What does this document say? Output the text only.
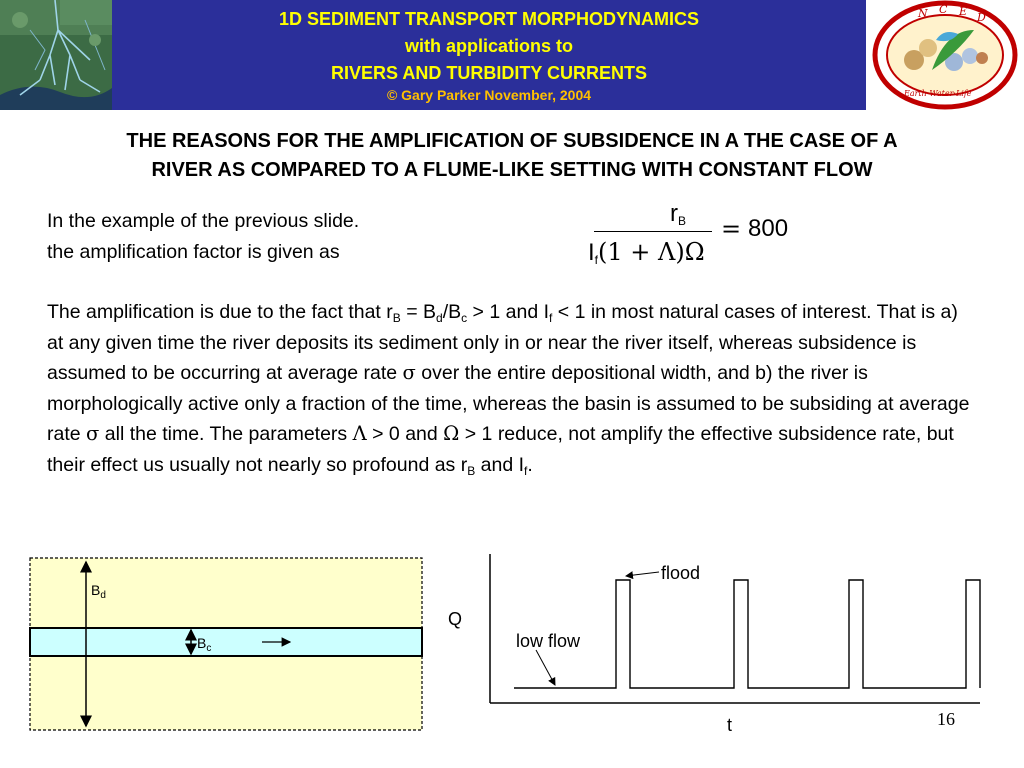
1D SEDIMENT TRANSPORT MORPHODYNAMICS
with applications to
RIVERS AND TURBIDITY CURRENTS
© Gary Parker November, 2004
N C E D
Earth·Water·Life
THE REASONS FOR THE AMPLIFICATION OF SUBSIDENCE IN A THE CASE OF A
RIVER AS COMPARED TO A FLUME-LIKE SETTING WITH CONSTANT FLOW
In the example of the previous slide.
the amplification factor is given as
$r_B$
$I_f(1 + \Lambda)\Omega$
= 800
The amplification is due to the fact that $r_B = B_d/B_c > 1$ and $I_f < 1$ in most natural cases of interest. That is a) at any given time the river deposits its sediment only in or near the river itself, whereas subsidence is assumed to be occurring at average rate σ over the entire depositional width, and b) the river is morphologically active only a fraction of the time, whereas the basin is assumed to be subsiding at average rate σ all the time. The parameters Λ > 0 and Ω > 1 reduce, not amplify the effective subsidence rate, but their effect us usually not nearly so profound as $r_B$ and $I_f$.
$B_d$
$B_c$
Q
t
flood
low flow
16
